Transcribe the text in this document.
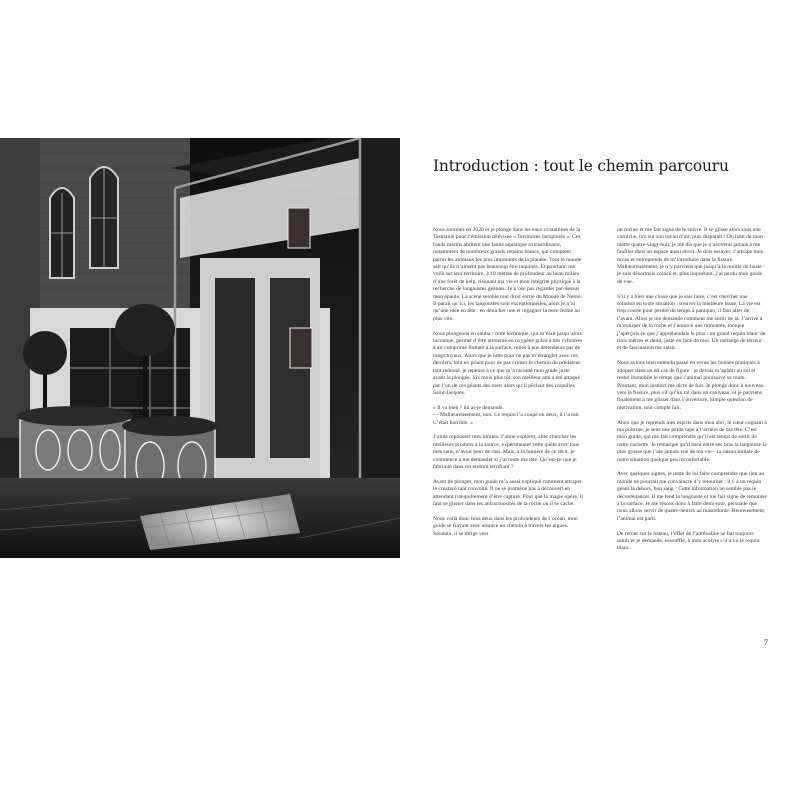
Introduction : tout le chemin parcouru

Nous sommes en 2020 et je plonge dans les eaux cristallines de la Tasmanie pour l’émission télévisée « Territoires inexplorés ». Ces fonds marins abritent une faune aquatique extraordinaire, notamment de nombreux grands requins blancs, qui comptent parmi les animaux les plus imposants de la planète. Tout le monde sait qu’ils n’aiment pas beaucoup être taquinés. Et pourtant, me voilà sur leur territoire, à 10 mètres de profondeur au beau milieu d’une forêt de kelp, risquant ma vie et mon intégrité physique à la recherche de langoustes géantes. Je n’ose pas regarder par-dessus mon épaule. La scène semble tout droit sortie du Monde de Nemo. Il paraît qu’ici, les langoustes sont exceptionnelles, alors je n’ai qu’une idée en tête : en dénicher une et regagner la terre ferme au plus vite.

Nous plongeons en snuba : cette technique, qui m’était jusqu’alors inconnue, permet d’être alimenté en oxygène grâce à des cylindres à air comprimé flottant à la surface, reliés à nos détendeurs par de longs tuyaux. Alors que je lutte pour ne pas m’étrangler avec ces derniers, tout en priant pour ne pas croiser le chemin du prédateur tant redouté, je repense à ce que m’a raconté mon guide juste avant la plongée. Six mois plus tôt, son meilleur ami a été attaqué par l’un de ces géants des mers alors qu’il pêchait des coquilles Saint-Jacques.

« Il va bien ? lui ai-je demandé.

— Malheureusement, non. Le requin l’a coupé en deux, il l’a tué. C’était horrible. »

J’aime repousser mes limites. J’aime explorer, aller chercher les meilleurs produits à la source, expérimenter cette quête avec tous mes sens, n’avoir peur de rien. Mais, à la lumière de ce récit, je commence à me demander si j’ai toute ma tête. Qu’est-ce que je fabrique dans cet endroit terrifiant ?

Avant de plonger, mon guide m’a aussi expliqué comment attraper le crustacé tant convoité. Il ne se promène pas à découvert en attendant tranquillement d’être capturé. Pour que la magie opère, il faut se glisser dans les anfractuosités de la roche où il se cache.

Nous voilà donc tous deux dans les profondeurs de l’océan, mon guide se frayant avec aisance un chemin à travers les algues. Soudain, il se dirige vers

un rocher et me fait signe de le suivre. Il se glisse alors sous une corniche, tire sur son tuyau d’air, puis disparaît ! Du haut de mon mètre quatre-vingt-huit, je me dis que je n’arriverai jamais à me faufiler dans un espace aussi étroit. Je dois essayer. J’attrape mon tuyau et entreprends de m’introduire dans la fissure. Malheureusement, je n’y parviens que jusqu’à la moitié du buste : je suis désormais coincé et, plus inquiétant, j’ai perdu mon guide de vue.

S’il y a bien une chose que je sais faire, c’est chercher une solution en toute situation ; trouver la meilleure issue. La vie est trop courte pour perdre du temps à paniquer, il faut aller de l’avant. Alors je me demande comment me sortir de là. J’arrive à m’extirper de la roche et j’amorce une remontée, lorsque j’aperçois ce que j’appréhendais le plus : un grand requin blanc de trois mètres et demi, juste en face de moi. Un mélange de terreur et de fascination me saisit.

Nous avions bien entendu passé en revue les bonnes pratiques à adopter dans un tel cas de figure : je devais m’aplatir au sol et rester immobile le temps que l’animal poursuive sa route. Pourtant, mon instinct me dicte de fuir. Je plonge donc à nouveau vers la fissure, plus vif qu’un rat dans un caniveau, et je parviens finalement à me glisser dans l’ouverture. Simple question de motivation, tout compte fait.

Alors que je reprends mes esprits dans mon abri, le cœur cognant à ma poitrine, je sens une petite tape à l’arrière de ma tête. C’est mon guide, qui me fait comprendre qu’il est temps de sortir de notre cachette. Je remarque qu’il tient entre ses bras la langouste la plus grosse que j’aie jamais vue de ma vie – la raison initiale de notre situation quelque peu inconfortable.

Avec quelques signes, je tente de lui faire comprendre que rien au monde ne pourrait me convaincre d’y retourner : il y a un requin géant là dehors, bon sang ! Cette information ne semble pas le décontenancer. Il me tend la langouste et me fait signe de remonter à la surface. Je me résous donc à faire demi-tour, persuadé que nous allons servir de quatre-heures au mastodonte. Heureusement, l’animal est parti.

De retour sur le bateau, l’effet de l’adrénaline se fait toujours sentir et je demande, essoufflé, à mon acolyte s’il a vu le requin blanc.

7
